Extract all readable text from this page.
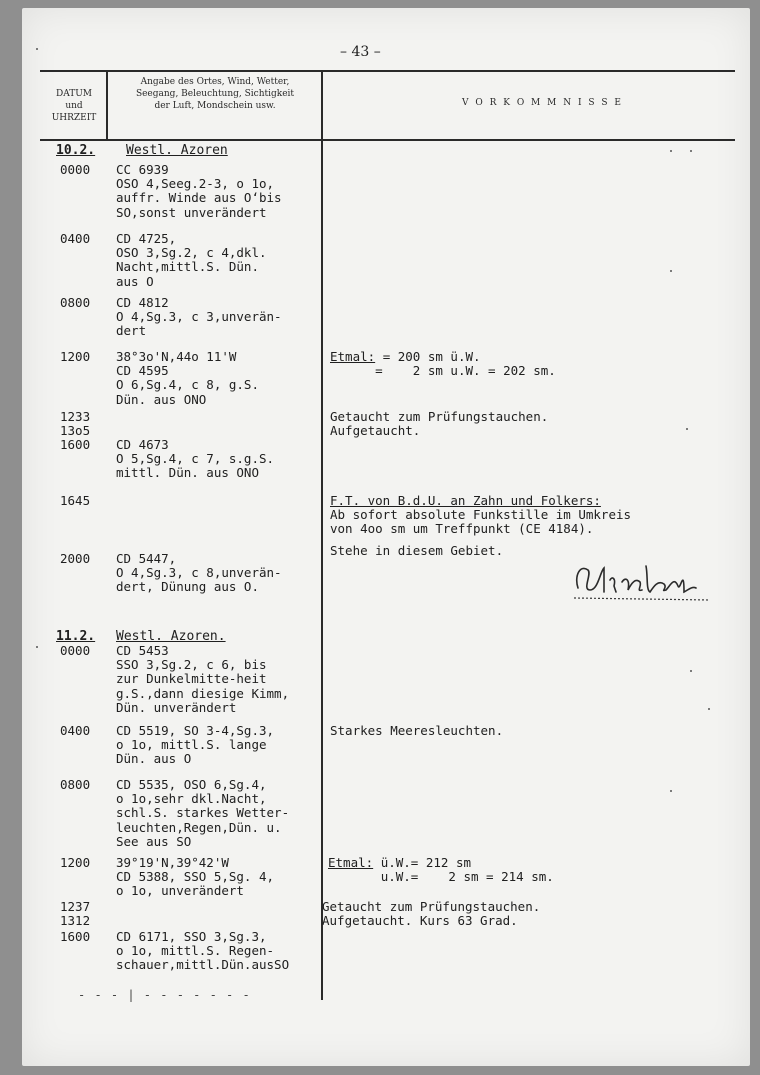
– 43 –
DATUM
und
UHRZEIT
Angabe des Ortes, Wind, Wetter,
Seegang, Beleuchtung, Sichtigkeit
der Luft, Mondschein usw.	V O R K O M M N I S S E
10.2. Westl. Azoren
0000 CC 6939
OSO 4,Seeg.2-3, o 1o,
auffr. Winde aus Oʻbis
SO,sonst unverändert
0400 CD 4725,
OSO 3,Sg.2, c 4,dkl.
Nacht,mittl.S. Dün.
aus O
0800 CD 4812
O 4,Sg.3, c 3,unverän-
dert
1200 38°3o'N,44o 11'W
CD 4595
O 6,Sg.4, c 8, g.S.
Dün. aus ONO
1233
13o5
1600 CD 4673
O 5,Sg.4, c 7, s.g.S.
mittl. Dün. aus ONO
1645
2000 CD 5447,
O 4,Sg.3, c 8,unverän-
dert, Dünung aus O.
Etmal: = 200 sm ü.W.
=    2 sm u.W. = 202 sm.
Getaucht zum Prüfungstauchen.
Aufgetaucht.
F.T. von B.d.U. an Zahn und Folkers:
Ab sofort absolute Funkstille im Umkreis
von 4oo sm um Treffpunkt (CE 4184).
Stehe in diesem Gebiet.
11.2. Westl. Azoren.
0000 CD 5453
SSO 3,Sg.2, c 6, bis
zur Dunkelmitte-heit
g.S.,dann diesige Kimm,
Dün. unverändert
0400 CD 5519, SO 3-4,Sg.3,
o 1o, mittl.S. lange
Dün. aus O
0800 CD 5535, OSO 6,Sg.4,
o 1o,sehr dkl.Nacht,
schl.S. starkes Wetter-
leuchten,Regen,Dün. u.
See aus SO
1200 39°19'N,39°42'W
CD 5388, SSO 5,Sg. 4,
o 1o, unverändert
1237
1312
1600 CD 6171, SSO 3,Sg.3,
o 1o, mittl.S. Regen-
schauer,mittl.Dün.ausSO
Starkes Meeresleuchten.
Etmal: ü.W.= 212 sm
u.W.=    2 sm = 214 sm.
Getaucht zum Prüfungstauchen.
Aufgetaucht. Kurs 63 Grad.
- - - | - - - - - - -
